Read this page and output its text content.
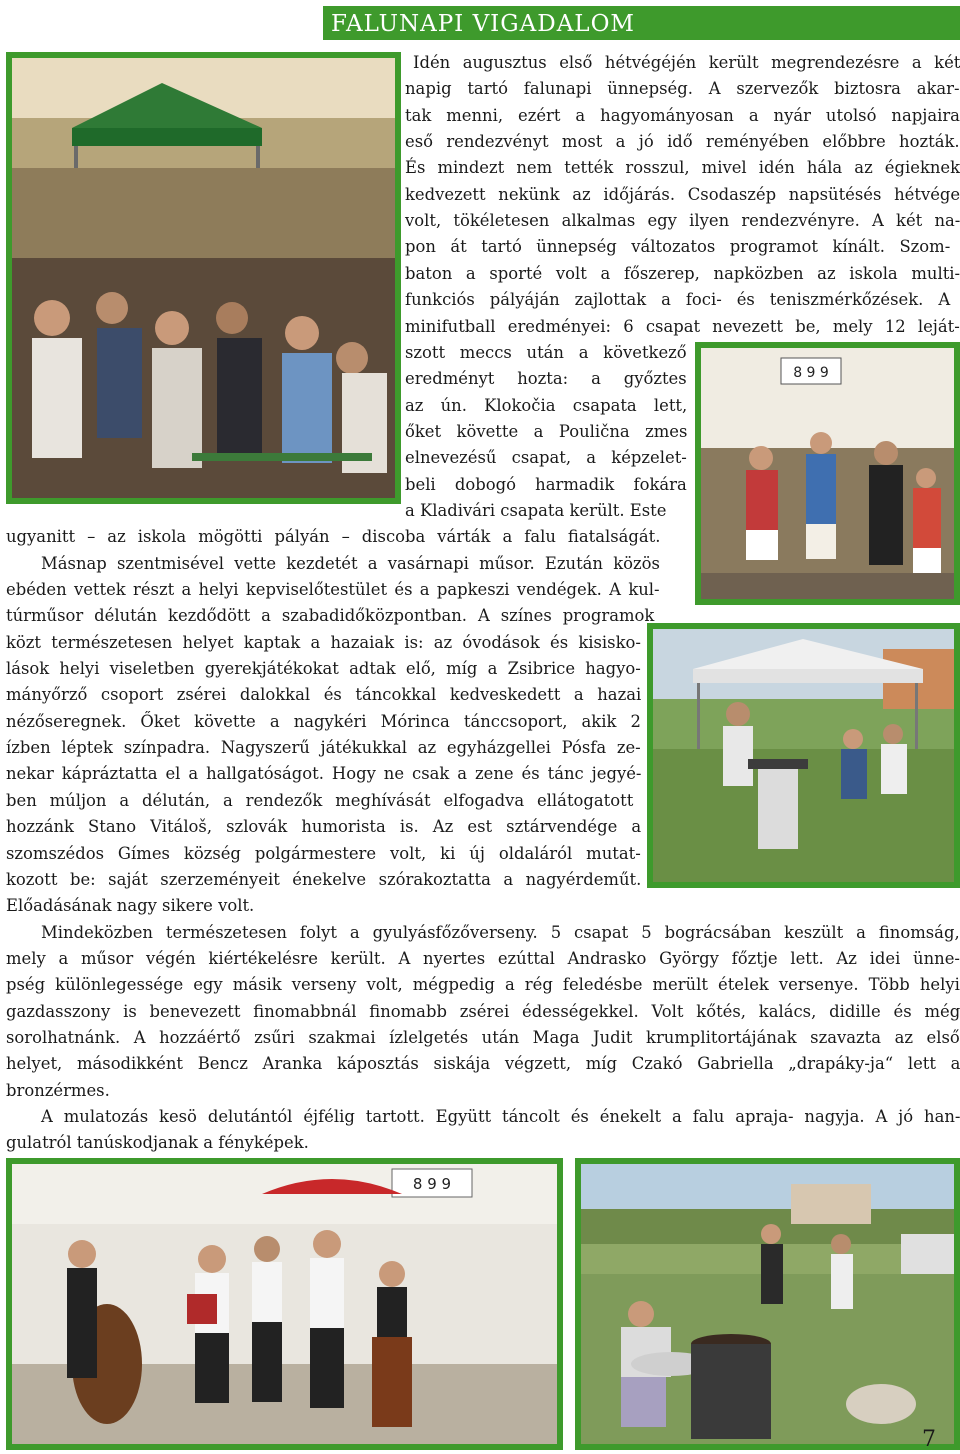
FALUNAPI VIGADALOM
8 9 9
8 9 9
Idén augusztus első hétvégéjén került megrendezésre a két
napig tartó falunapi ünnepség. A szervezők biztosra akar-
tak menni, ezért a hagyományosan a nyár utolsó napjaira
eső rendezvényt most a jó idő reményében előbbre hozták.
És mindezt nem tették rosszul, mivel idén hála az égieknek
kedvezett nekünk az időjárás. Csodaszép napsütésés hétvége
volt, tökéletesen alkalmas egy ilyen rendezvényre. A két na-
pon át tartó ünnepség változatos programot kínált. Szom-
baton a sporté volt a főszerep, napközben az iskola multi-
funkciós pályáján zajlottak a foci- és teniszmérkőzések. A
minifutball eredményei: 6 csapat nevezett be, mely 12 leját-
szott meccs után a következő
eredményt hozta: a győztes
az ún. Klokočia csapata lett,
őket követte a Poulična zmes
elnevezésű csapat, a képzelet-
beli dobogó harmadik fokára
a Kladivári csapata került. Este
ugyanitt – az iskola mögötti pályán – discoba várták a falu fiatalságát.
Másnap szentmisével vette kezdetét a vasárnapi műsor. Ezután közös
ebéden vettek részt a helyi kepviselőtestület és a papkeszi vendégek. A kul-
túrműsor délután kezdődött a szabadidőközpontban. A színes programok
közt természetesen helyet kaptak a hazaiak is: az óvodások és kisisko-
lások helyi viseletben gyerekjátékokat adtak elő, míg a Zsibrice hagyo-
mányőrző csoport zsérei dalokkal és táncokkal kedveskedett a hazai
nézőseregnek. Őket követte a nagykéri Mórinca tánccsoport, akik 2
ízben léptek színpadra. Nagyszerű játékukkal az egyházgellei Pósfa ze-
nekar kápráztatta el a hallgatóságot. Hogy ne csak a zene és tánc jegyé-
ben múljon a délután, a rendezők meghívását elfogadva ellátogatott
hozzánk Stano Vitáloš, szlovák humorista is. Az est sztárvendége a
szomszédos Gímes község polgármestere volt, ki új oldaláról mutat-
kozott be: saját szerzeményeit énekelve szórakoztatta a nagyérdeműt.
Előadásának nagy sikere volt.
Mindeközben természetesen folyt a gyulyásfőzőverseny. 5 csapat 5 bográcsában keszült a finomság,
mely a műsor végén kiértékelésre került. A nyertes ezúttal Andrasko György főztje lett. Az idei ünne-
pség különlegessége egy másik verseny volt, mégpedig a rég feledésbe merült ételek versenye. Több helyi
gazdasszony is benevezett finomabbnál finomabb zsérei édességekkel. Volt kőtés, kalács, didille és még
sorolhatnánk. A hozzáértő zsűri szakmai ízlelgetés után Maga Judit krumplitortájának szavazta az első
helyet, másodikként Bencz Aranka káposztás siskája végzett, míg Czakó Gabriella „drapáky-ja“ lett a
bronzérmes.
A mulatozás kesö delutántól éjfélig tartott. Együtt táncolt és énekelt a falu apraja- nagyja. A jó han-
gulatról tanúskodjanak a fényképek.
7
